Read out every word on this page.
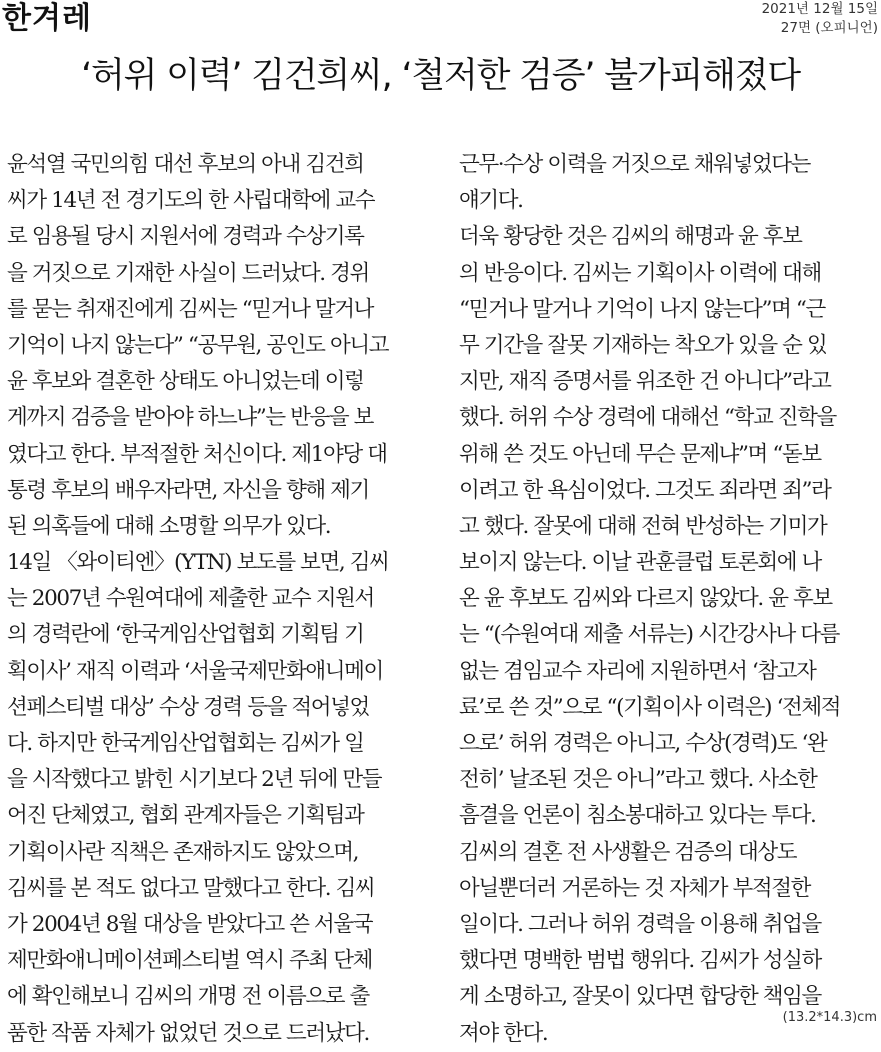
한겨레	2021년 12월 15일
27면 (오피니언)
‘허위 이력’ 김건희씨, ‘철저한 검증’ 불가피해졌다
윤석열 국민의힘 대선 후보의 아내 김건희
씨가 14년 전 경기도의 한 사립대학에 교수
로 임용될 당시 지원서에 경력과 수상기록
을 거짓으로 기재한 사실이 드러났다. 경위
를 묻는 취재진에게 김씨는 “믿거나 말거나
기억이 나지 않는다” “공무원, 공인도 아니고
윤 후보와 결혼한 상태도 아니었는데 이렇
게까지 검증을 받아야 하느냐”는 반응을 보
였다고 한다. 부적절한 처신이다. 제1야당 대
통령 후보의 배우자라면, 자신을 향해 제기
된 의혹들에 대해 소명할 의무가 있다.
14일 〈와이티엔〉(YTN) 보도를 보면, 김씨
는 2007년 수원여대에 제출한 교수 지원서
의 경력란에 ‘한국게임산업협회 기획팀 기
획이사’ 재직 이력과 ‘서울국제만화애니메이
션페스티벌 대상’ 수상 경력 등을 적어넣었
다. 하지만 한국게임산업협회는 김씨가 일
을 시작했다고 밝힌 시기보다 2년 뒤에 만들
어진 단체였고, 협회 관계자들은 기획팀과
기획이사란 직책은 존재하지도 않았으며,
김씨를 본 적도 없다고 말했다고 한다. 김씨
가 2004년 8월 대상을 받았다고 쓴 서울국
제만화애니메이션페스티벌 역시 주최 단체
에 확인해보니 김씨의 개명 전 이름으로 출
품한 작품 자체가 없었던 것으로 드러났다.
근무·수상 이력을 거짓으로 채워넣었다는
얘기다.
더욱 황당한 것은 김씨의 해명과 윤 후보
의 반응이다. 김씨는 기획이사 이력에 대해
“믿거나 말거나 기억이 나지 않는다”며 “근
무 기간을 잘못 기재하는 착오가 있을 순 있
지만, 재직 증명서를 위조한 건 아니다”라고
했다. 허위 수상 경력에 대해선 “학교 진학을
위해 쓴 것도 아닌데 무슨 문제냐”며 “돋보
이려고 한 욕심이었다. 그것도 죄라면 죄”라
고 했다. 잘못에 대해 전혀 반성하는 기미가
보이지 않는다. 이날 관훈클럽 토론회에 나
온 윤 후보도 김씨와 다르지 않았다. 윤 후보
는 “(수원여대 제출 서류는) 시간강사나 다름
없는 겸임교수 자리에 지원하면서 ‘참고자
료’로 쓴 것”으로 “(기획이사 이력은) ‘전체적
으로’ 허위 경력은 아니고, 수상(경력)도 ‘완
전히’ 날조된 것은 아니”라고 했다. 사소한
흠결을 언론이 침소봉대하고 있다는 투다.
김씨의 결혼 전 사생활은 검증의 대상도
아닐뿐더러 거론하는 것 자체가 부적절한
일이다. 그러나 허위 경력을 이용해 취업을
했다면 명백한 범법 행위다. 김씨가 성실하
게 소명하고, 잘못이 있다면 합당한 책임을
져야 한다.
(13.2*14.3)cm
